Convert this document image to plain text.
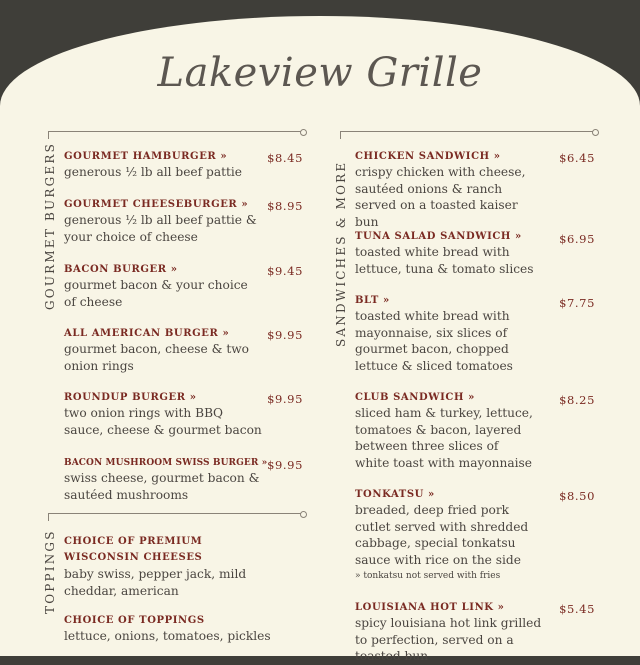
Lakeview Grille
GOURMET BURGERS GOURMET HAMBURGER »
generous ½ lb all beef pattie
$8.45
GOURMET CHEESEBURGER »
generous ½ lb all beef pattie & your choice of cheese
$8.95
BACON BURGER »
gourmet bacon & your choice of cheese
$9.45
ALL AMERICAN BURGER »
gourmet bacon, cheese & two onion rings
$9.95
ROUNDUP BURGER »
two onion rings with BBQ sauce, cheese & gourmet bacon
$9.95
BACON MUSHROOM SWISS BURGER »
swiss cheese, gourmet bacon & sautéed mushrooms
$9.95
TOPPINGS CHOICE OF PREMIUM
WISCONSIN CHEESES
baby swiss, pepper jack, mild cheddar, american
CHOICE OF TOPPINGS
lettuce, onions, tomatoes, pickles
SANDWICHES & MORE
CHICKEN SANDWICH »
crispy chicken with cheese, sautéed onions & ranch served on a toasted kaiser bun
$6.45
TUNA SALAD SANDWICH »
toasted white bread with lettuce, tuna & tomato slices
$6.95
BLT »
toasted white bread with mayonnaise, six slices of gourmet bacon, chopped lettuce & sliced tomatoes
$7.75
CLUB SANDWICH »
sliced ham & turkey, lettuce, tomatoes & bacon, layered between three slices of white toast with mayonnaise
$8.25
TONKATSU »
breaded, deep fried pork cutlet served with shredded cabbage, special tonkatsu sauce with rice on the side
» tonkatsu not served with fries
$8.50
LOUISIANA HOT LINK »
spicy louisiana hot link grilled to perfection, served on a toasted bun
$5.45
